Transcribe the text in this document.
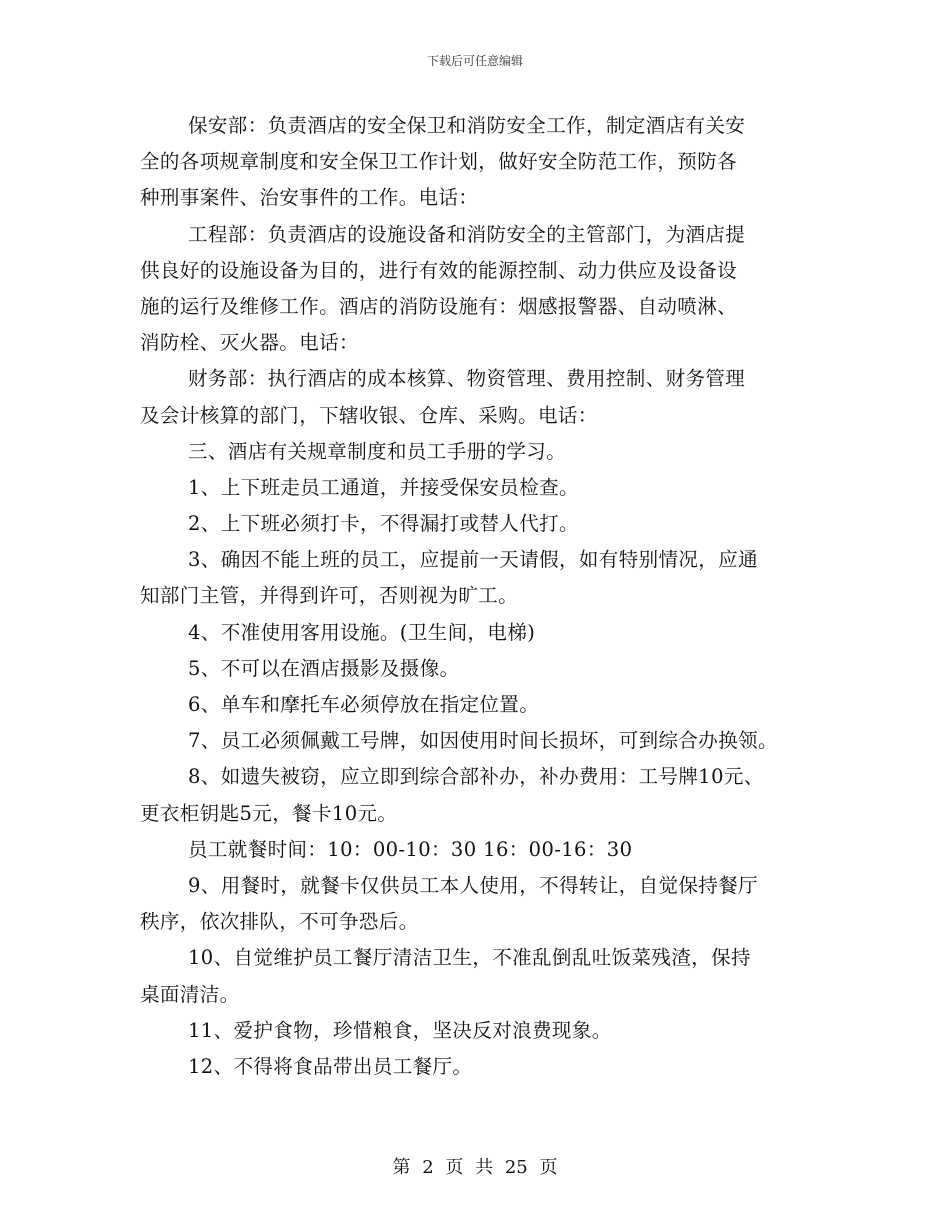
下载后可任意编辑
保安部：负责酒店的安全保卫和消防安全工作，制定酒店有关安
全的各项规章制度和安全保卫工作计划，做好安全防范工作，预防各
种刑事案件、治安事件的工作。电话：
工程部：负责酒店的设施设备和消防安全的主管部门，为酒店提
供良好的设施设备为目的，进行有效的能源控制、动力供应及设备设
施的运行及维修工作。酒店的消防设施有：烟感报警器、自动喷淋、
消防栓、灭火器。电话：
财务部：执行酒店的成本核算、物资管理、费用控制、财务管理
及会计核算的部门，下辖收银、仓库、采购。电话：
三、酒店有关规章制度和员工手册的学习。
1、上下班走员工通道，并接受保安员检查。
2、上下班必须打卡，不得漏打或替人代打。
3、确因不能上班的员工，应提前一天请假，如有特别情况，应通
知部门主管，并得到许可，否则视为旷工。
4、不准使用客用设施。(卫生间，电梯)
5、不可以在酒店摄影及摄像。
6、单车和摩托车必须停放在指定位置。
7、员工必须佩戴工号牌，如因使用时间长损坏，可到综合办换领。
8、如遗失被窃，应立即到综合部补办，补办费用：工号牌10元、
更衣柜钥匙5元，餐卡10元。
员工就餐时间：10：00-10：30 16：00-16：30
9、用餐时，就餐卡仅供员工本人使用，不得转让，自觉保持餐厅
秩序，依次排队，不可争恐后。
10、自觉维护员工餐厅清洁卫生，不准乱倒乱吐饭菜残渣，保持
桌面清洁。
11、爱护食物，珍惜粮食，坚决反对浪费现象。
12、不得将食品带出员工餐厅。
第 2 页 共 25 页
